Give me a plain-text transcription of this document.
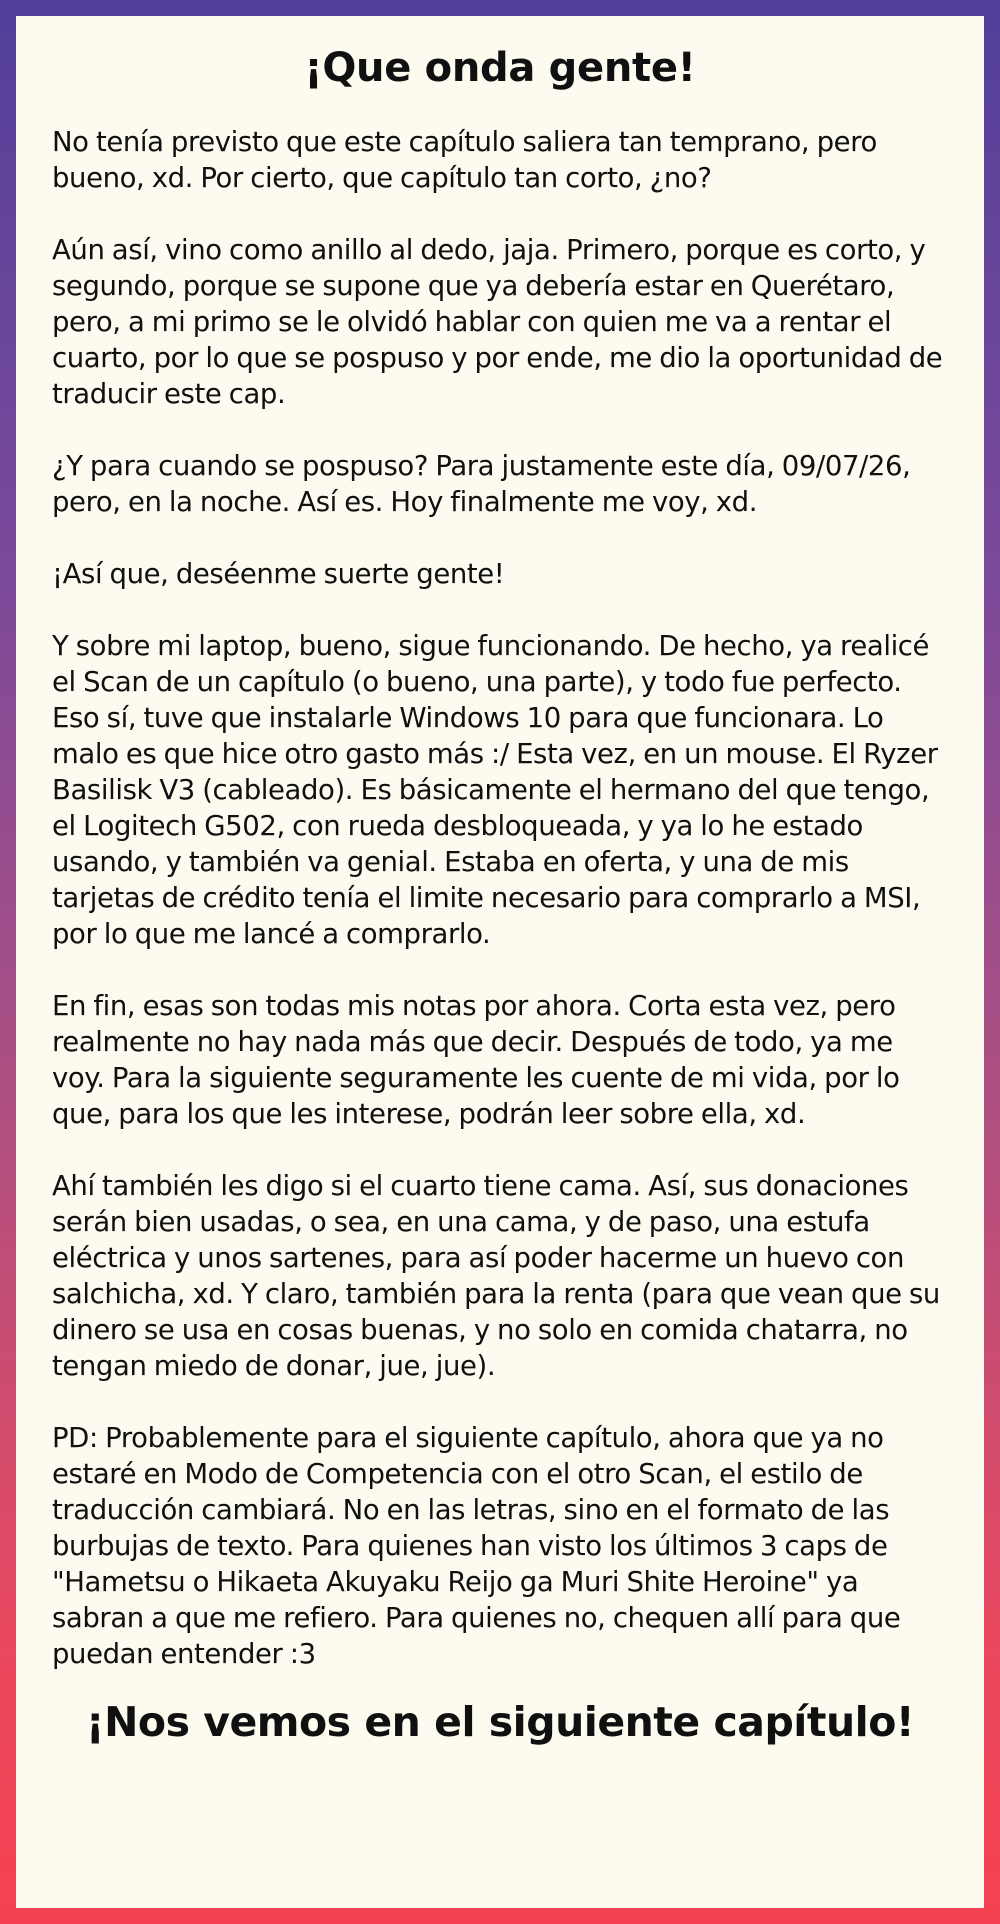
¡Que onda gente!

No tenía previsto que este capítulo saliera tan temprano, pero bueno, xd. Por cierto, que capítulo tan corto, ¿no?

Aún así, vino como anillo al dedo, jaja. Primero, porque es corto, y segundo, porque se supone que ya debería estar en Querétaro, pero, a mi primo se le olvidó hablar con quien me va a rentar el cuarto, por lo que se pospuso y por ende, me dio la oportunidad de traducir este cap.

¿Y para cuando se pospuso? Para justamente este día, 09/07/26, pero, en la noche. Así es. Hoy finalmente me voy, xd.

¡Así que, deséenme suerte gente!

Y sobre mi laptop, bueno, sigue funcionando. De hecho, ya realicé el Scan de un capítulo (o bueno, una parte), y todo fue perfecto. Eso sí, tuve que instalarle Windows 10 para que funcionara. Lo malo es que hice otro gasto más :/ Esta vez, en un mouse. El Ryzer Basilisk V3 (cableado). Es básicamente el hermano del que tengo, el Logitech G502, con rueda desbloqueada, y ya lo he estado usando, y también va genial. Estaba en oferta, y una de mis tarjetas de crédito tenía el limite necesario para comprarlo a MSI, por lo que me lancé a comprarlo.

En fin, esas son todas mis notas por ahora. Corta esta vez, pero realmente no hay nada más que decir. Después de todo, ya me voy. Para la siguiente seguramente les cuente de mi vida, por lo que, para los que les interese, podrán leer sobre ella, xd.

Ahí también les digo si el cuarto tiene cama. Así, sus donaciones serán bien usadas, o sea, en una cama, y de paso, una estufa eléctrica y unos sartenes, para así poder hacerme un huevo con salchicha, xd. Y claro, también para la renta (para que vean que su dinero se usa en cosas buenas, y no solo en comida chatarra, no tengan miedo de donar, jue, jue).

PD: Probablemente para el siguiente capítulo, ahora que ya no estaré en Modo de Competencia con el otro Scan, el estilo de traducción cambiará. No en las letras, sino en el formato de las burbujas de texto. Para quienes han visto los últimos 3 caps de "Hametsu o Hikaeta Akuyaku Reijo ga Muri Shite Heroine" ya sabran a que me refiero. Para quienes no, chequen allí para que puedan entender :3

¡Nos vemos en el siguiente capítulo!
